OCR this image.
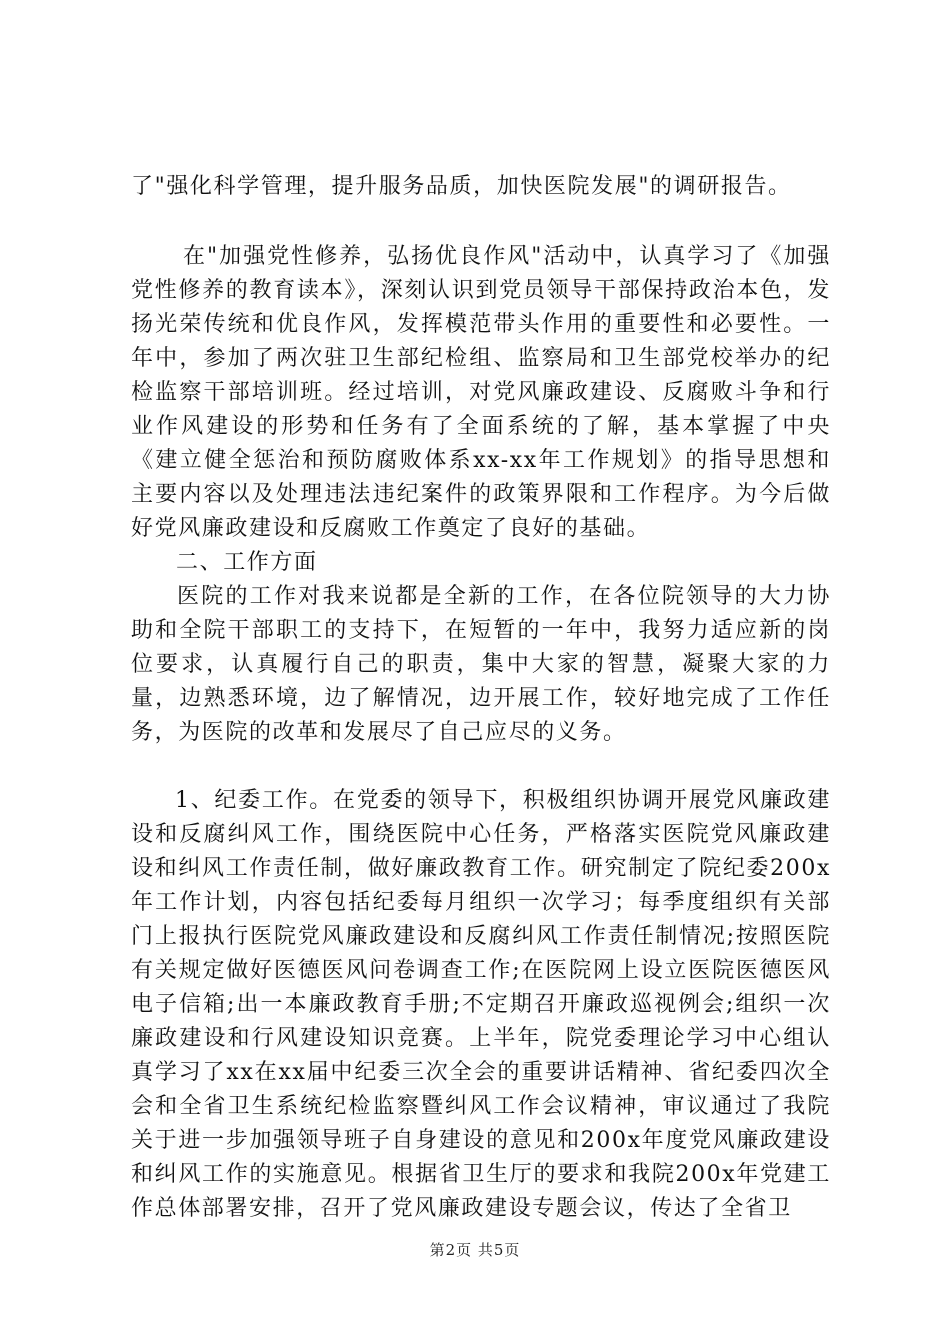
了"强化科学管理，提升服务品质，加快医院发展"的调研报告。

在"加强党性修养，弘扬优良作风"活动中，认真学习了《加强党性修养的教育读本》，深刻认识到党员领导干部保持政治本色，发扬光荣传统和优良作风，发挥模范带头作用的重要性和必要性。一年中，参加了两次驻卫生部纪检组、监察局和卫生部党校举办的纪检监察干部培训班。经过培训，对党风廉政建设、反腐败斗争和行业作风建设的形势和任务有了全面系统的了解，基本掌握了中央《建立健全惩治和预防腐败体系xx-xx年工作规划》的指导思想和主要内容以及处理违法违纪案件的政策界限和工作程序。为今后做好党风廉政建设和反腐败工作奠定了良好的基础。

二、工作方面

医院的工作对我来说都是全新的工作，在各位院领导的大力协助和全院干部职工的支持下，在短暂的一年中，我努力适应新的岗位要求，认真履行自己的职责，集中大家的智慧，凝聚大家的力量，边熟悉环境，边了解情况，边开展工作，较好地完成了工作任务，为医院的改革和发展尽了自己应尽的义务。

1、纪委工作。在党委的领导下，积极组织协调开展党风廉政建设和反腐纠风工作，围绕医院中心任务，严格落实医院党风廉政建设和纠风工作责任制，做好廉政教育工作。研究制定了院纪委200x年工作计划，内容包括纪委每月组织一次学习；每季度组织有关部门上报执行医院党风廉政建设和反腐纠风工作责任制情况;按照医院有关规定做好医德医风问卷调查工作;在医院网上设立医院医德医风电子信箱;出一本廉政教育手册;不定期召开廉政巡视例会;组织一次廉政建设和行风建设知识竞赛。上半年，院党委理论学习中心组认真学习了xx在xx届中纪委三次全会的重要讲话精神、省纪委四次全会和全省卫生系统纪检监察暨纠风工作会议精神，审议通过了我院关于进一步加强领导班子自身建设的意见和200x年度党风廉政建设和纠风工作的实施意见。根据省卫生厅的要求和我院200x年党建工作总体部署安排，召开了党风廉政建设专题会议，传达了全省卫

第2页 共5页
